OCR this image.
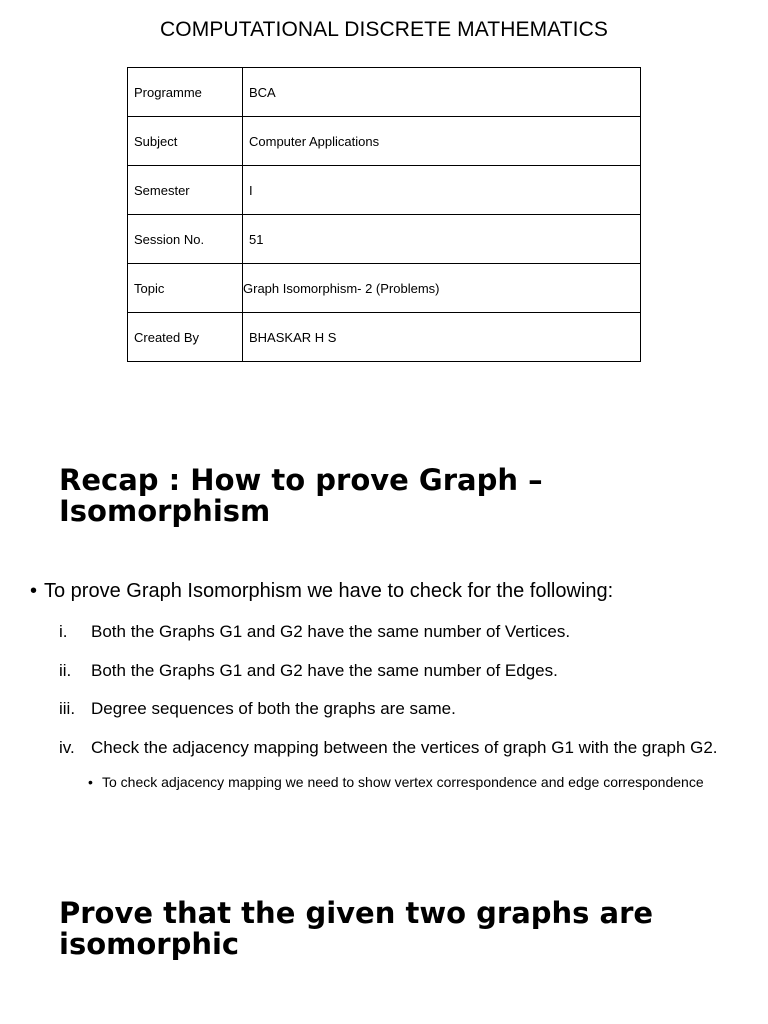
COMPUTATIONAL DISCRETE MATHEMATICS
Programme	BCA
Subject	Computer Applications
Semester	I
Session No.	51
Topic	Graph Isomorphism- 2 (Problems)
Created By	BHASKAR H S
Recap : How to prove Graph –
Isomorphism
• To prove Graph Isomorphism we have to check for the following:
i. Both the Graphs G1 and G2 have the same number of Vertices.
ii. Both the Graphs G1 and G2 have the same number of Edges.
iii. Degree sequences of both the graphs are same.
iv. Check the adjacency mapping between the vertices of graph G1 with the graph G2.
• To check adjacency mapping we need to show vertex correspondence and edge correspondence
Prove that the given two graphs are
isomorphic
